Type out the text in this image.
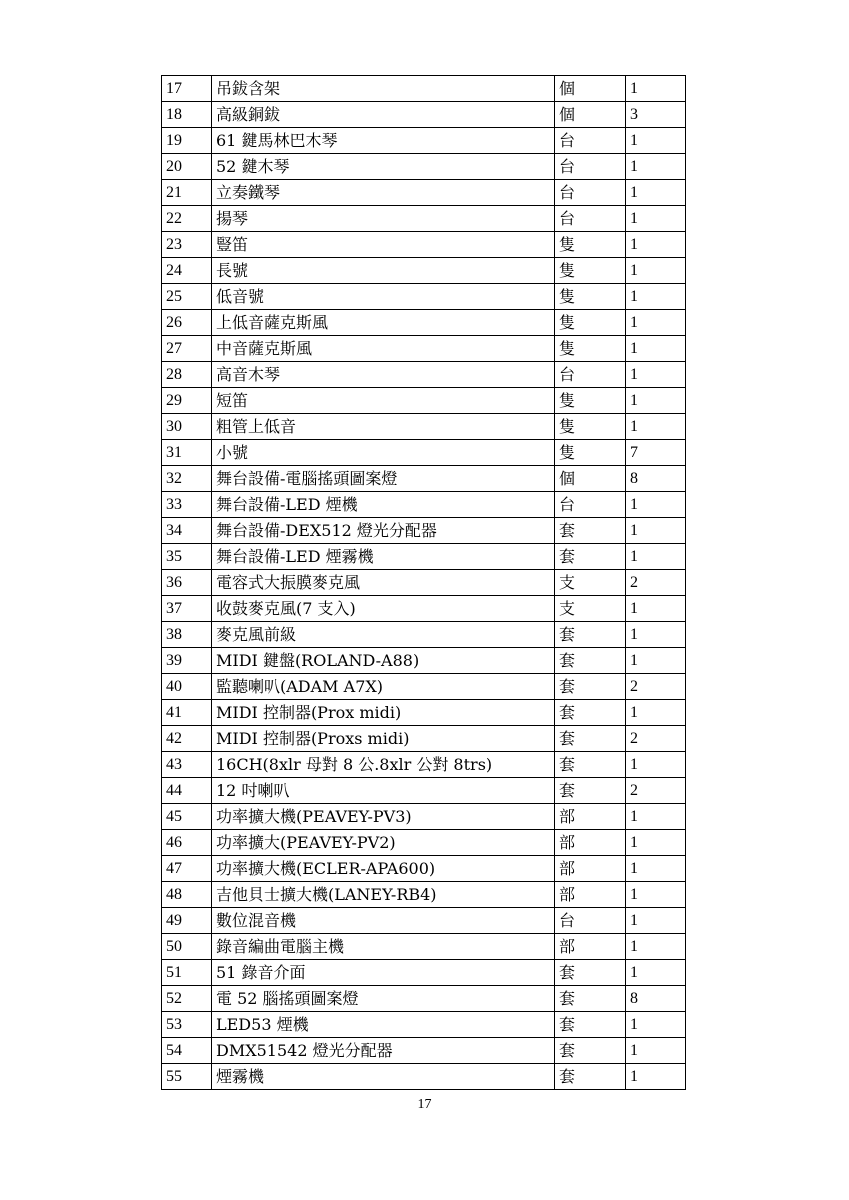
17	吊鈸含架	個	1
18	高級銅鈸	個	3
19	61 鍵馬林巴木琴	台	1
20	52 鍵木琴	台	1
21	立奏鐵琴	台	1
22	揚琴	台	1
23	豎笛	隻	1
24	長號	隻	1
25	低音號	隻	1
26	上低音薩克斯風	隻	1
27	中音薩克斯風	隻	1
28	高音木琴	台	1
29	短笛	隻	1
30	粗管上低音	隻	1
31	小號	隻	7
32	舞台設備-電腦搖頭圖案燈	個	8
33	舞台設備-LED 煙機	台	1
34	舞台設備-DEX512 燈光分配器	套	1
35	舞台設備-LED 煙霧機	套	1
36	電容式大振膜麥克風	支	2
37	收鼓麥克風(7 支入)	支	1
38	麥克風前級	套	1
39	MIDI 鍵盤(ROLAND-A88)	套	1
40	監聽喇叭(ADAM A7X)	套	2
41	MIDI 控制器(Prox midi)	套	1
42	MIDI 控制器(Proxs midi)	套	2
43	16CH(8xlr 母對 8 公.8xlr 公對 8trs)	套	1
44	12 吋喇叭	套	2
45	功率擴大機(PEAVEY-PV3)	部	1
46	功率擴大(PEAVEY-PV2)	部	1
47	功率擴大機(ECLER-APA600)	部	1
48	吉他貝士擴大機(LANEY-RB4)	部	1
49	數位混音機	台	1
50	錄音編曲電腦主機	部	1
51	51 錄音介面	套	1
52	電 52 腦搖頭圖案燈	套	8
53	LED53 煙機	套	1
54	DMX51542 燈光分配器	套	1
55	煙霧機	套	1
17
